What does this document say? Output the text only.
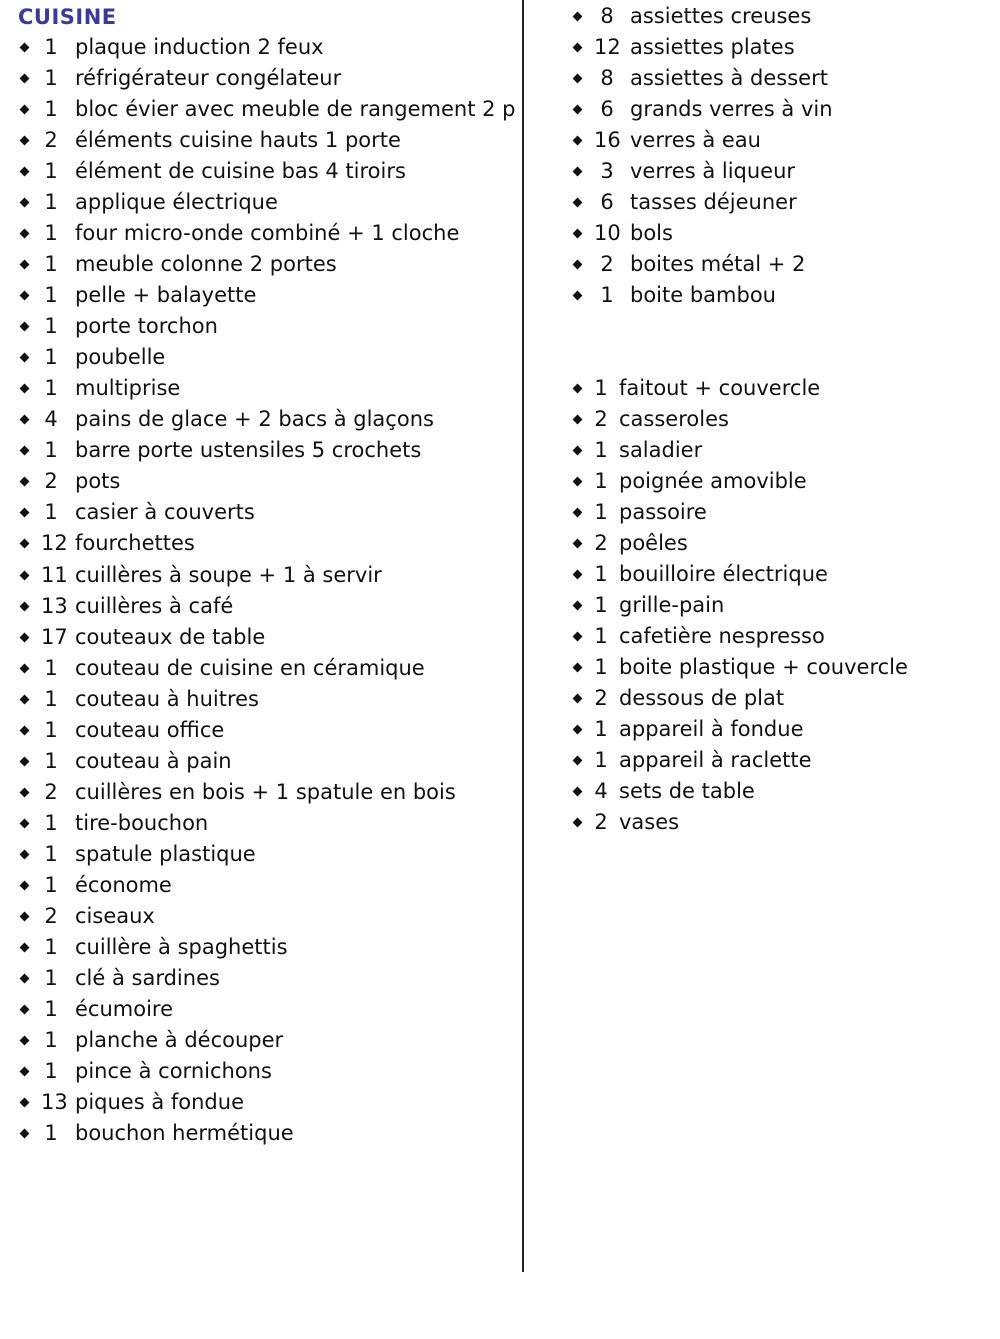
CUISINE
1 plaque induction 2 feux
1 réfrigérateur congélateur
1 bloc évier avec meuble de rangement 2 p
2 éléments cuisine hauts 1 porte
1 élément de cuisine bas 4 tiroirs
1 applique électrique
1 four micro-onde combiné + 1 cloche
1 meuble colonne 2 portes
1 pelle + balayette
1 porte torchon
1 poubelle
1 multiprise
4 pains de glace + 2 bacs à glaçons
1 barre porte ustensiles 5 crochets
2 pots
1 casier à couverts
12 fourchettes
11 cuillères à soupe + 1 à servir
13 cuillères à café
17 couteaux de table
1 couteau de cuisine en céramique
1 couteau à huitres
1 couteau office
1 couteau à pain
2 cuillères en bois + 1 spatule en bois
1 tire-bouchon
1 spatule plastique
1 économe
2 ciseaux
1 cuillère à spaghettis
1 clé à sardines
1 écumoire
1 planche à découper
1 pince à cornichons
13 piques à fondue
1 bouchon hermétique
8 assiettes creuses
12 assiettes plates
8 assiettes à dessert
6 grands verres à vin
16 verres à eau
3 verres à liqueur
6 tasses déjeuner
10 bols
2 boites métal + 2
1 boite bambou
1 faitout + couvercle
2 casseroles
1 saladier
1 poignée amovible
1 passoire
2 poêles
1 bouilloire électrique
1 grille-pain
1 cafetière nespresso
1 boite plastique + couvercle
2 dessous de plat
1 appareil à fondue
1 appareil à raclette
4 sets de table
2 vases
